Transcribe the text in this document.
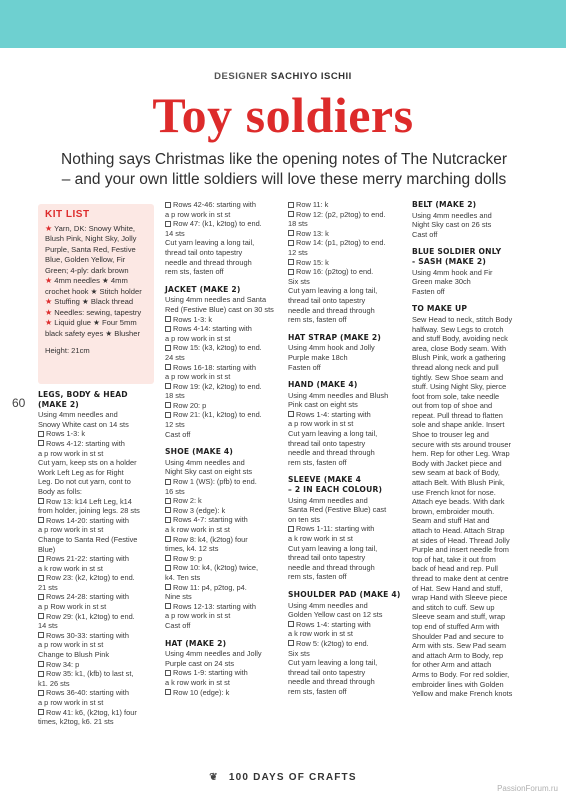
DESIGNER SACHIYO ISCHII
Toy soldiers
Nothing says Christmas like the opening notes of The Nutcracker
– and your own little soldiers will love these merry marching dolls
KIT LIST
★ Yarn, DK: Snowy White,
Blush Pink, Night Sky, Jolly
Purple, Santa Red, Festive
Blue, Golden Yellow, Fir
Green; 4-ply: dark brown
★ 4mm needles ★ 4mm
crochet hook ★ Stitch holder
★ Stuffing ★ Black thread
★ Needles: sewing, tapestry
★ Liquid glue ★ Four 5mm
black safety eyes ★ Blusher
Height: 21cm
60
LEGS, BODY & HEAD (MAKE 2)
Using 4mm needles and
Snowy White cast on 14 sts
Rows 1-3: k
Rows 4-12: starting with
a p row work in st st
Cut yarn, keep sts on a holder
Work Left Leg as for Right
Leg. Do not cut yarn, cont to
Body as folls:
Row 13: k14 Left Leg, k14
from holder, joining legs. 28 sts
Rows 14-20: starting with
a p row work in st st
Change to Santa Red (Festive
Blue)
Rows 21-22: starting with
a k row work in st st
Row 23: (k2, k2tog) to end.
21 sts
Rows 24-28: starting with
a p Row work in st st
Row 29: (k1, k2tog) to end.
14 sts
Rows 30-33: starting with
a p row work in st st
Change to Blush Pink
Row 34: p
Row 35: k1, (kfb) to last st,
k1. 26 sts
Rows 36-40: starting with
a p row work in st st
Row 41: k6, (k2tog, k1) four
times, k2tog, k6. 21 sts
Rows 42-46: starting with
a p row work in st st
Row 47: (k1, k2tog) to end.
14 sts
Cut yarn leaving a long tail,
thread tail onto tapestry
needle and thread through
rem sts, fasten off
JACKET (MAKE 2)
Using 4mm needles and Santa
Red (Festive Blue) cast on 30 sts
Rows 1-3: k
Rows 4-14: starting with
a p row work in st st
Row 15: (k3, k2tog) to end.
24 sts
Rows 16-18: starting with
a p row work in st st
Row 19: (k2, k2tog) to end.
18 sts
Row 20: p
Row 21: (k1, k2tog) to end.
12 sts
Cast off
SHOE (MAKE 4)
Using 4mm needles and
Night Sky cast on eight sts
Row 1 (WS): (pfb) to end.
16 sts
Row 2: k
Row 3 (edge): k
Rows 4-7: starting with
a k row work in st st
Row 8: k4, (k2tog) four
times, k4. 12 sts
Row 9: p
Row 10: k4, (k2tog) twice,
k4. Ten sts
Row 11: p4, p2tog, p4.
Nine sts
Rows 12-13: starting with
a p row work in st st
Cast off
HAT (MAKE 2)
Using 4mm needles and Jolly
Purple cast on 24 sts
Rows 1-9: starting with
a k row work in st st
Row 10 (edge): k
Row 11: k
Row 12: (p2, p2tog) to end.
18 sts
Row 13: k
Row 14: (p1, p2tog) to end.
12 sts
Row 15: k
Row 16: (p2tog) to end.
Six sts
Cut yarn leaving a long tail,
thread tail onto tapestry
needle and thread through
rem sts, fasten off
HAT STRAP (MAKE 2)
Using 4mm hook and Jolly
Purple make 18ch
Fasten off
HAND (MAKE 4)
Using 4mm needles and Blush
Pink cast on eight sts
Rows 1-4: starting with
a p row work in st st
Cut yarn leaving a long tail,
thread tail onto tapestry
needle and thread through
rem sts, fasten off
SLEEVE (MAKE 4
– 2 IN EACH COLOUR)
Using 4mm needles and
Santa Red (Festive Blue) cast
on ten sts
Rows 1-11: starting with
a k row work in st st
Cut yarn leaving a long tail,
thread tail onto tapestry
needle and thread through
rem sts, fasten off
SHOULDER PAD (MAKE 4)
Using 4mm needles and
Golden Yellow cast on 12 sts
Rows 1-4: starting with
a k row work in st st
Row 5: (k2tog) to end.
Six sts
Cut yarn leaving a long tail,
thread tail onto tapestry
needle and thread through
rem sts, fasten off
BELT (MAKE 2)
Using 4mm needles and
Night Sky cast on 26 sts
Cast off
BLUE SOLDIER ONLY
- SASH (MAKE 2)
Using 4mm hook and Fir
Green make 30ch
Fasten off
TO MAKE UP
Sew Head to neck, stitch Body
halfway. Sew Legs to crotch
and stuff Body, avoiding neck
area, close Body seam. With
Blush Pink, work a gathering
thread along neck and pull
tightly. Sew Shoe seam and
stuff. Using Night Sky, pierce
foot from sole, take needle
out from top of shoe and
repeat. Pull thread to flatten
sole and shape ankle. Insert
Shoe to trouser leg and
secure with sts around trouser
hem. Rep for other Leg. Wrap
Body with Jacket piece and
sew seam at back of Body,
attach Belt. With Blush Pink,
use French knot for nose.
Attach eye beads. With dark
brown, embroider mouth.
Seam and stuff Hat and
attach to Head. Attach Strap
at sides of Head. Thread Jolly
Purple and insert needle from
top of hat, take it out from
back of head and rep. Pull
thread to make dent at centre
of Hat. Sew Hand and stuff,
wrap Hand with Sleeve piece
and stitch to cuff. Sew up
Sleeve seam and stuff, wrap
top end of stuffed Arm with
Shoulder Pad and secure to
Arm with sts. Sew Pad seam
and attach Arm to Body, rep
for other Arm and attach
Arms to Body. For red soldier,
embroider lines with Golden
Yellow and make French knots
❦ 100 DAYS OF CRAFTS
PassionForum.ru
